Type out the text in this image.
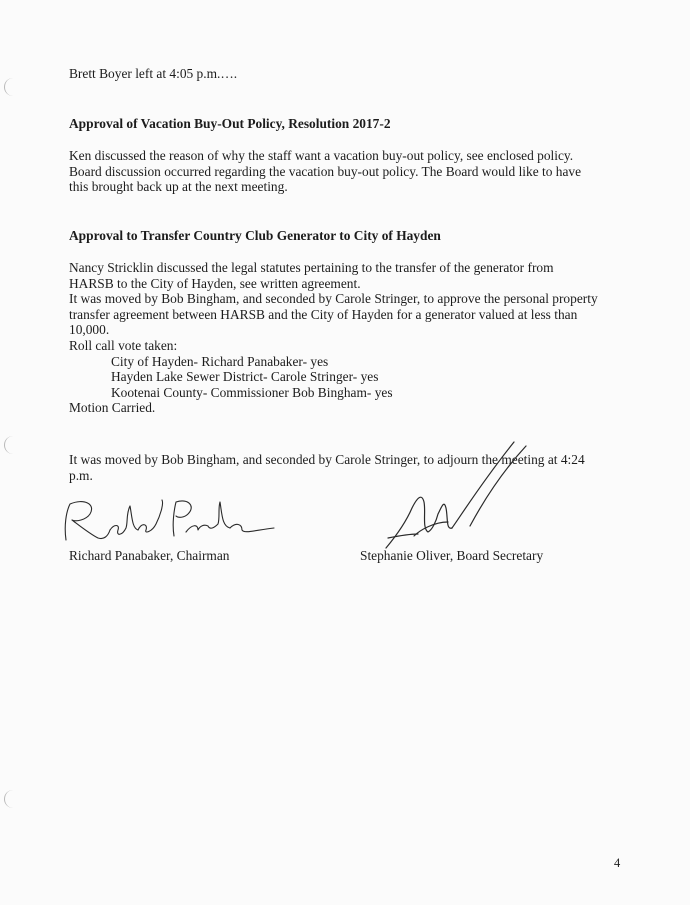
Brett Boyer left at 4:05 p.m.….
Approval of Vacation Buy-Out Policy, Resolution 2017-2
Ken discussed the reason of why the staff want a vacation buy-out policy, see enclosed policy.
Board discussion occurred regarding the vacation buy-out policy. The Board would like to have
this brought back up at the next meeting.
Approval to Transfer Country Club Generator to City of Hayden
Nancy Stricklin discussed the legal statutes pertaining to the transfer of the generator from
HARSB to the City of Hayden, see written agreement.
It was moved by Bob Bingham, and seconded by Carole Stringer, to approve the personal property
transfer agreement between HARSB and the City of Hayden for a generator valued at less than
10,000.
Roll call vote taken:
City of Hayden- Richard Panabaker- yes
Hayden Lake Sewer District- Carole Stringer- yes
Kootenai County- Commissioner Bob Bingham- yes
Motion Carried.
It was moved by Bob Bingham, and seconded by Carole Stringer, to adjourn the meeting at 4:24
p.m.
Richard Panabaker, Chairman	Stephanie Oliver, Board Secretary
4
